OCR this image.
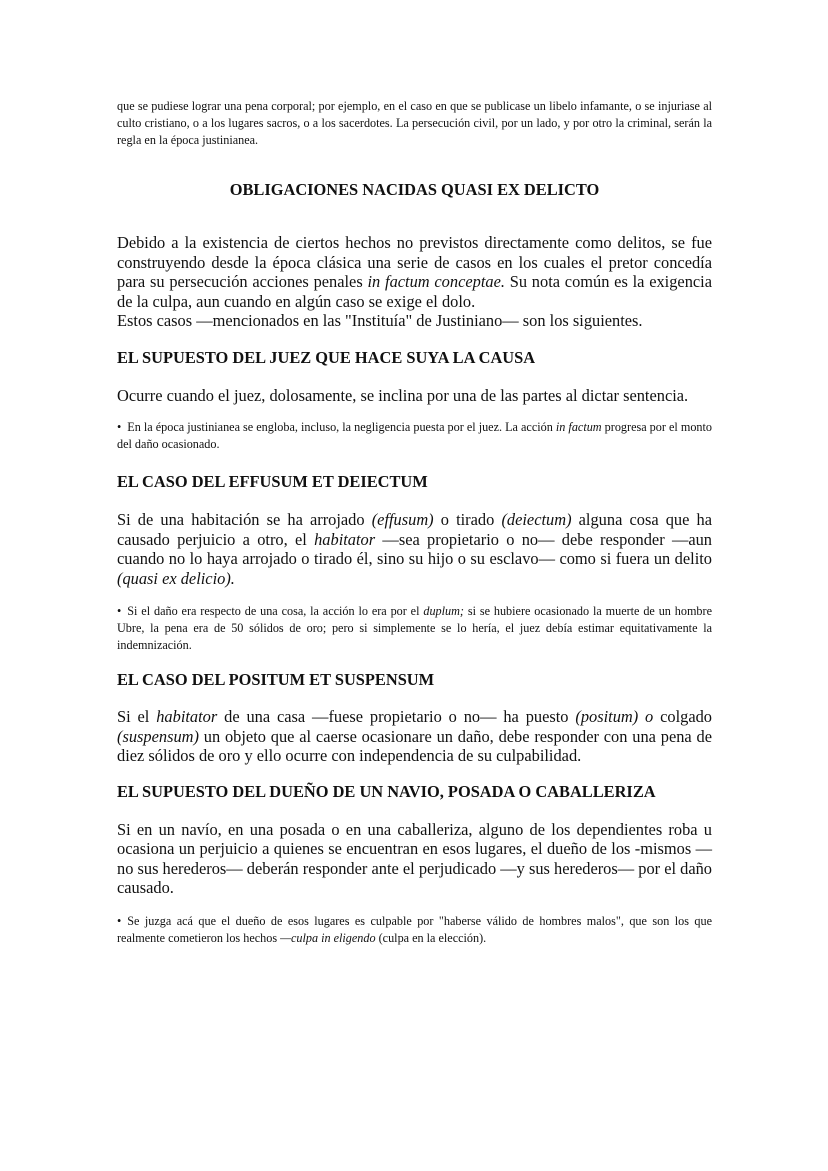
que se pudiese lograr una pena corporal; por ejemplo, en el caso en que se publicase un libelo infamante, o se injuriase al culto cristiano, o a los lugares sacros, o a los sacerdotes. La persecución civil, por un lado, y por otro la criminal, serán la regla en la época justinianea.

OBLIGACIONES NACIDAS QUASI EX DELICTO

Debido a la existencia de ciertos hechos no previstos directamente como delitos, se fue construyendo desde la época clásica una serie de casos en los cuales el pretor concedía para su persecución acciones penales in factum conceptae. Su nota común es la exigencia de la culpa, aun cuando en algún caso se exige el dolo.

Estos casos —mencionados en las "Instituía" de Justiniano— son los siguientes.

EL SUPUESTO DEL JUEZ QUE HACE SUYA LA CAUSA

Ocurre cuando el juez, dolosamente, se inclina por una de las partes al dictar sentencia.

• En la época justinianea se engloba, incluso, la negligencia puesta por el juez. La acción in factum progresa por el monto del daño ocasionado.

EL CASO DEL EFFUSUM ET DEIECTUM

Si de una habitación se ha arrojado (effusum) o tirado (deiectum) alguna cosa que ha causado perjuicio a otro, el habitator —sea propietario o no— debe responder —aun cuando no lo haya arrojado o tirado él, sino su hijo o su esclavo— como si fuera un delito (quasi ex delicio).

• Si el daño era respecto de una cosa, la acción lo era por el duplum; si se hubiere ocasionado la muerte de un hombre Ubre, la pena era de 50 sólidos de oro; pero si simplemente se lo hería, el juez debía estimar equitativamente la indemnización.

EL CASO DEL POSITUM ET SUSPENSUM

Si el habitator de una casa —fuese propietario o no— ha puesto (positum) o colgado (suspensum) un objeto que al caerse ocasionare un daño, debe responder con una pena de diez sólidos de oro y ello ocurre con independencia de su culpabilidad.

EL SUPUESTO DEL DUEÑO DE UN NAVIO, POSADA O CABALLERIZA

Si en un navío, en una posada o en una caballeriza, alguno de los dependientes roba u ocasiona un perjuicio a quienes se encuentran en esos lugares, el dueño de los -mismos —no sus herederos— deberán responder ante el perjudicado —y sus herederos— por el daño causado.

• Se juzga acá que el dueño de esos lugares es culpable por "haberse válido de hombres malos", que son los que realmente cometieron los hechos —culpa in eligendo (culpa en la elección).
